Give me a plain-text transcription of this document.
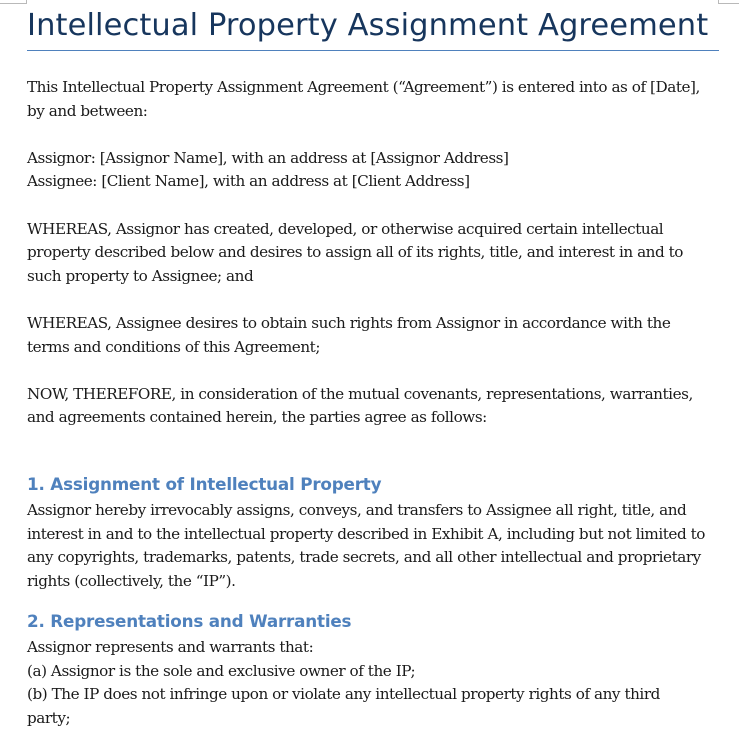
Intellectual Property Assignment Agreement

This Intellectual Property Assignment Agreement (“Agreement”) is entered into as of [Date], by and between:

Assignor: [Assignor Name], with an address at [Assignor Address]

Assignee: [Client Name], with an address at [Client Address]

WHEREAS, Assignor has created, developed, or otherwise acquired certain intellectual property described below and desires to assign all of its rights, title, and interest in and to such property to Assignee; and

WHEREAS, Assignee desires to obtain such rights from Assignor in accordance with the terms and conditions of this Agreement;

NOW, THEREFORE, in consideration of the mutual covenants, representations, warranties, and agreements contained herein, the parties agree as follows:

1. Assignment of Intellectual Property

Assignor hereby irrevocably assigns, conveys, and transfers to Assignee all right, title, and interest in and to the intellectual property described in Exhibit A, including but not limited to any copyrights, trademarks, patents, trade secrets, and all other intellectual and proprietary rights (collectively, the “IP”).

2. Representations and Warranties

Assignor represents and warrants that:

(a) Assignor is the sole and exclusive owner of the IP;

(b) The IP does not infringe upon or violate any intellectual property rights of any third party;
